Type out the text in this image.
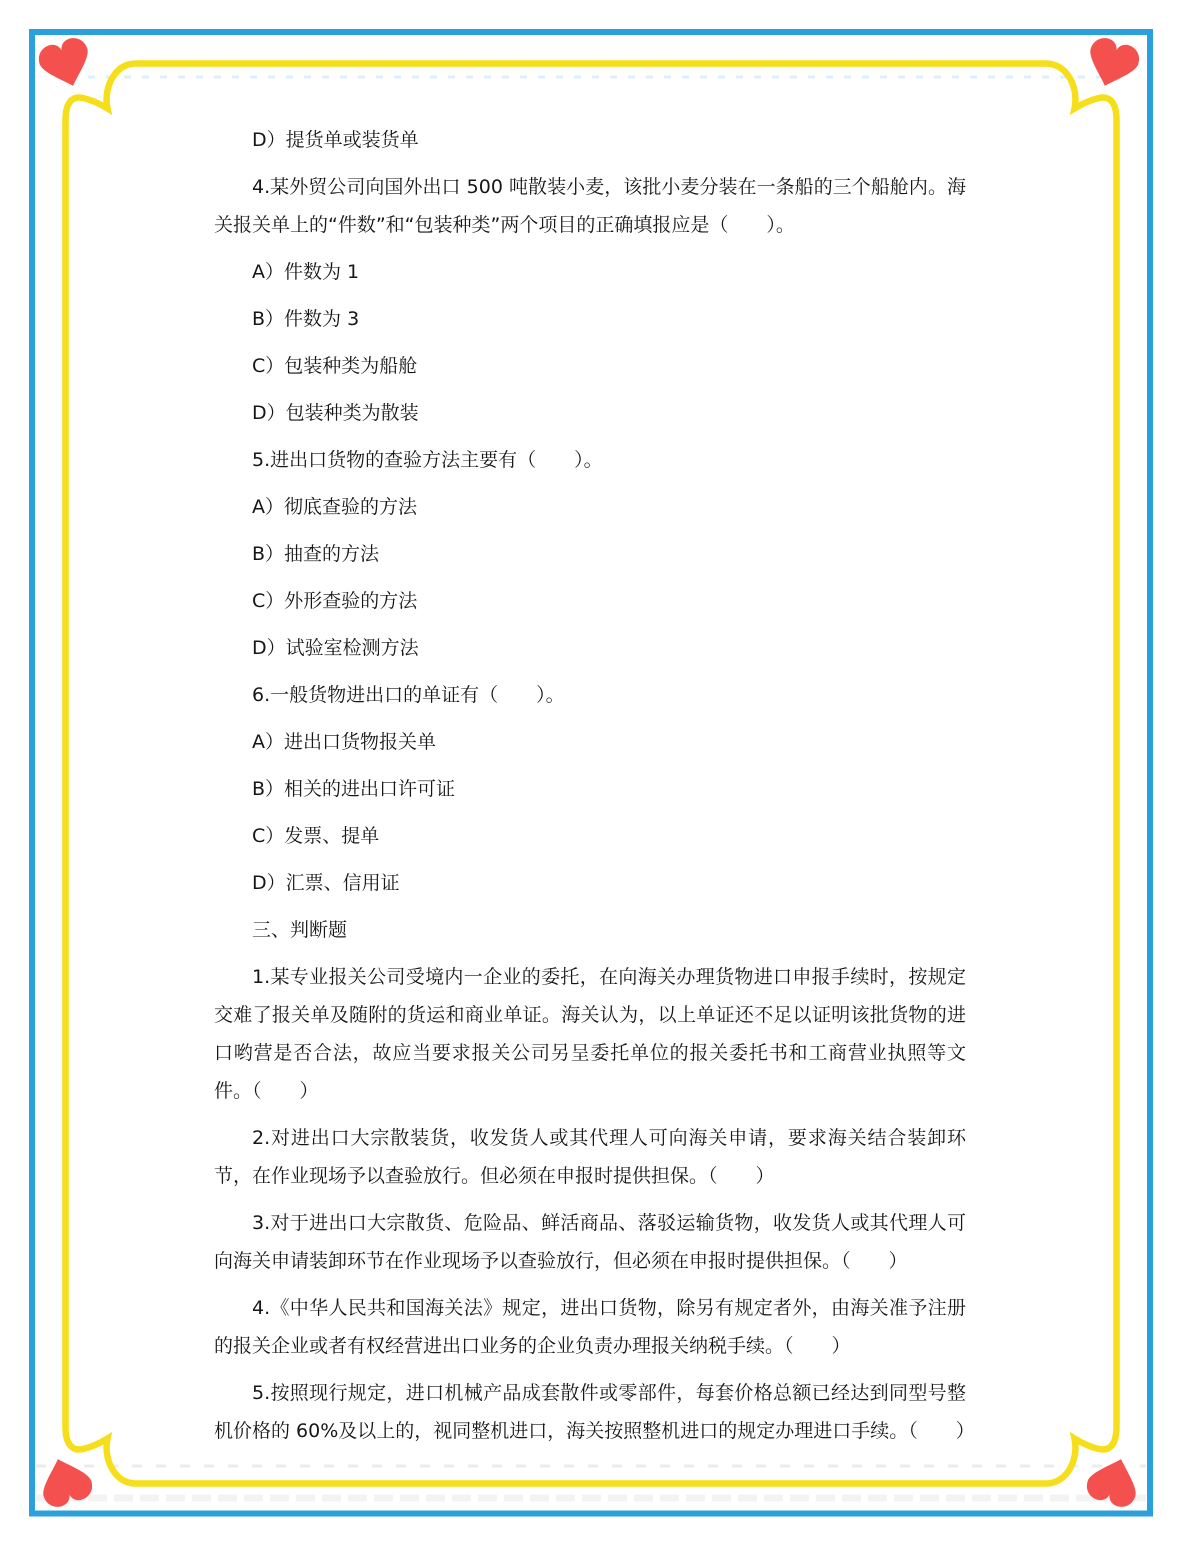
D）提货单或装货单

4.某外贸公司向国外出口 500 吨散装小麦，该批小麦分装在一条船的三个船舱内。海关报关单上的“件数”和“包装种类”两个项目的正确填报应是（　　）。

A）件数为 1

B）件数为 3

C）包装种类为船舱

D）包装种类为散装

5.进出口货物的查验方法主要有（　　）。

A）彻底查验的方法

B）抽查的方法

C）外形查验的方法

D）试验室检测方法

6.一般货物进出口的单证有（　　）。

A）进出口货物报关单

B）相关的进出口许可证

C）发票、提单

D）汇票、信用证

三、判断题

1.某专业报关公司受境内一企业的委托，在向海关办理货物进口申报手续时，按规定交难了报关单及随附的货运和商业单证。海关认为，以上单证还不足以证明该批货物的进口哟营是否合法，故应当要求报关公司另呈委托单位的报关委托书和工商营业执照等文件。（　　）

2.对进出口大宗散装货，收发货人或其代理人可向海关申请，要求海关结合装卸环节，在作业现场予以查验放行。但必须在申报时提供担保。（　　）

3.对于进出口大宗散货、危险品、鲜活商品、落驳运输货物，收发货人或其代理人可向海关申请装卸环节在作业现场予以查验放行，但必须在申报时提供担保。（　　）

4.《中华人民共和国海关法》规定，进出口货物，除另有规定者外，由海关准予注册的报关企业或者有权经营进出口业务的企业负责办理报关纳税手续。（　　）

5.按照现行规定，进口机械产品成套散件或零部件，每套价格总额已经达到同型号整机价格的 60%及以上的，视同整机进口，海关按照整机进口的规定办理进口手续。（　　）
